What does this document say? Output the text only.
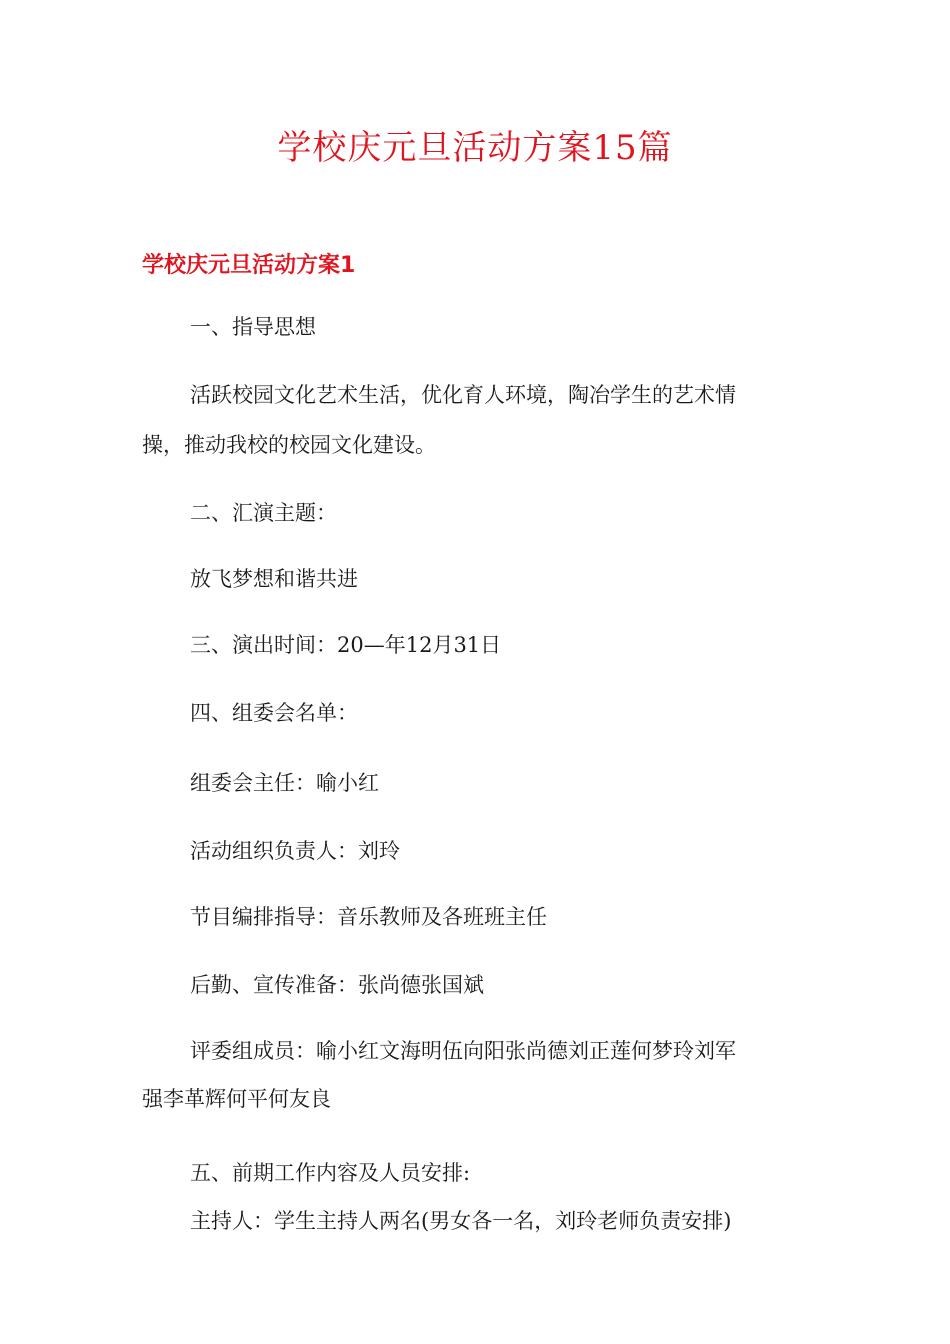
学校庆元旦活动方案15篇
学校庆元旦活动方案1

一、指导思想

活跃校园文化艺术生活，优化育人环境，陶冶学生的艺术情

操，推动我校的校园文化建设。

二、汇演主题：

放飞梦想和谐共进

三、演出时间：20—年12月31日

四、组委会名单：

组委会主任：喻小红

活动组织负责人：刘玲

节目编排指导：音乐教师及各班班主任

后勤、宣传准备：张尚德张国斌

评委组成员：喻小红文海明伍向阳张尚德刘正莲何梦玲刘军

强李革辉何平何友良

五、前期工作内容及人员安排:

主持人：学生主持人两名(男女各一名，刘玲老师负责安排)
